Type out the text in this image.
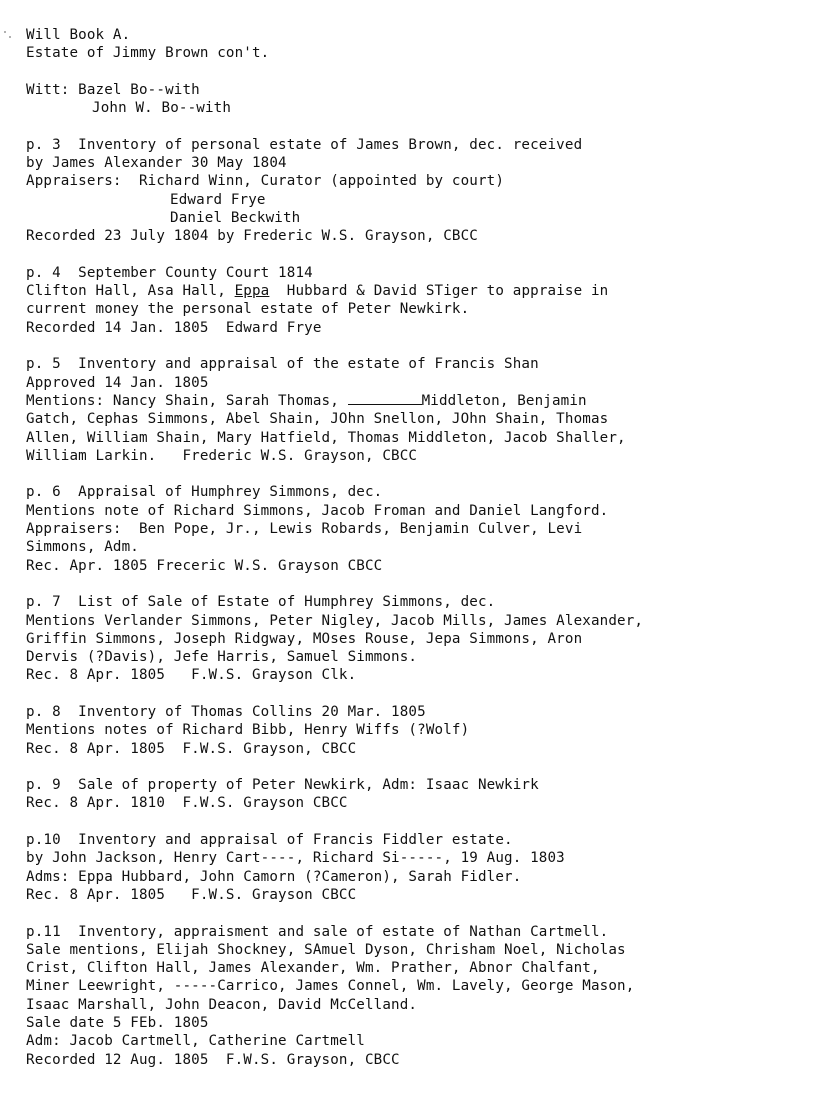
Will Book A.
Estate of Jimmy Brown con't.
Witt: Bazel Bo--with
John W. Bo--with
p. 3  Inventory of personal estate of James Brown, dec. received
by James Alexander 30 May 1804
Appraisers:  Richard Winn, Curator (appointed by court)
Edward Frye
Daniel Beckwith
Recorded 23 July 1804 by Frederic W.S. Grayson, CBCC
p. 4  September County Court 1814
Clifton Hall, Asa Hall, Eppa  Hubbard & David STiger to appraise in
current money the personal estate of Peter Newkirk.
Recorded 14 Jan. 1805  Edward Frye
p. 5  Inventory and appraisal of the estate of Francis Shan
Approved 14 Jan. 1805
Mentions: Nancy Shain, Sarah Thomas,	Middleton, Benjamin
Gatch, Cephas Simmons, Abel Shain, JOhn Snellon, JOhn Shain, Thomas
Allen, William Shain, Mary Hatfield, Thomas Middleton, Jacob Shaller,
William Larkin.   Frederic W.S. Grayson, CBCC
p. 6  Appraisal of Humphrey Simmons, dec.
Mentions note of Richard Simmons, Jacob Froman and Daniel Langford.
Appraisers:  Ben Pope, Jr., Lewis Robards, Benjamin Culver, Levi
Simmons, Adm.
Rec. Apr. 1805 Freceric W.S. Grayson CBCC
p. 7  List of Sale of Estate of Humphrey Simmons, dec.
Mentions Verlander Simmons, Peter Nigley, Jacob Mills, James Alexander,
Griffin Simmons, Joseph Ridgway, MOses Rouse, Jepa Simmons, Aron
Dervis (?Davis), Jefe Harris, Samuel Simmons.
Rec. 8 Apr. 1805   F.W.S. Grayson Clk.
p. 8  Inventory of Thomas Collins 20 Mar. 1805
Mentions notes of Richard Bibb, Henry Wiffs (?Wolf)
Rec. 8 Apr. 1805  F.W.S. Grayson, CBCC
p. 9  Sale of property of Peter Newkirk, Adm: Isaac Newkirk
Rec. 8 Apr. 1810  F.W.S. Grayson CBCC
p.10  Inventory and appraisal of Francis Fiddler estate.
by John Jackson, Henry Cart----, Richard Si-----, 19 Aug. 1803
Adms: Eppa Hubbard, John Camorn (?Cameron), Sarah Fidler.
Rec. 8 Apr. 1805   F.W.S. Grayson CBCC
p.11  Inventory, appraisment and sale of estate of Nathan Cartmell.
Sale mentions, Elijah Shockney, SAmuel Dyson, Chrisham Noel, Nicholas
Crist, Clifton Hall, James Alexander, Wm. Prather, Abnor Chalfant,
Miner Leewright, -----Carrico, James Connel, Wm. Lavely, George Mason,
Isaac Marshall, John Deacon, David McCelland.
Sale date 5 FEb. 1805
Adm: Jacob Cartmell, Catherine Cartmell
Recorded 12 Aug. 1805  F.W.S. Grayson, CBCC
